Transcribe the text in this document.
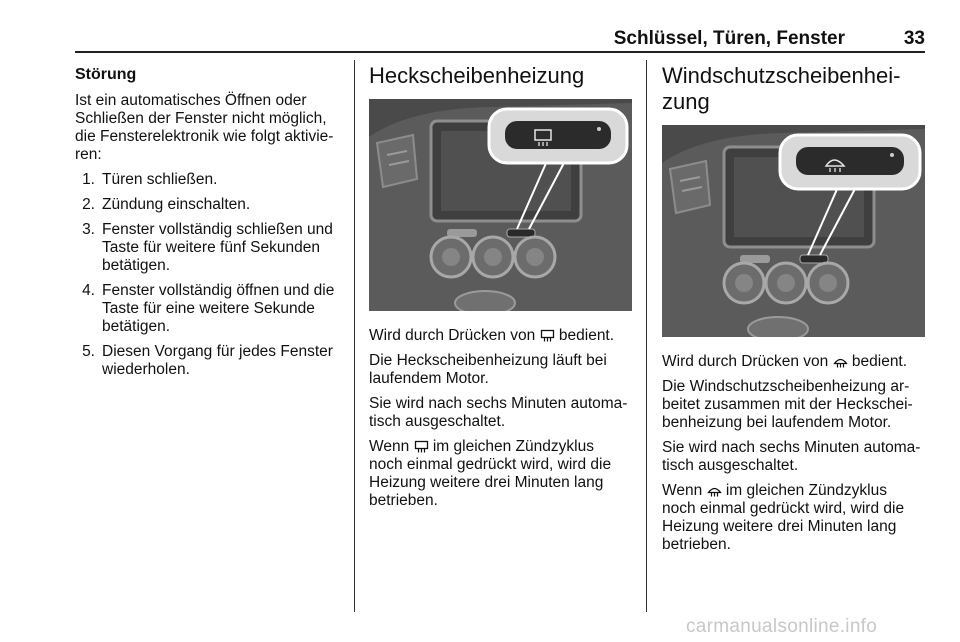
Schlüssel, Türen, Fenster	33
Störung

Ist ein automatisches Öffnen oder
Schließen der Fenster nicht möglich,
die Fensterelektronik wie folgt aktivie‐
ren:

1. Türen schließen.
2. Zündung einschalten.
3. Fenster vollständig schließen und
Taste für weitere fünf Sekunden
betätigen.
4. Fenster vollständig öffnen und die
Taste für eine weitere Sekunde
betätigen.
5. Diesen Vorgang für jedes Fenster
wiederholen.
Heckscheibenheizung

Wird durch Drücken von bedient.

Die Heckscheibenheizung läuft bei
laufendem Motor.

Sie wird nach sechs Minuten automa‐
tisch ausgeschaltet.

Wenn im gleichen Zündzyklus
noch einmal gedrückt wird, wird die
Heizung weitere drei Minuten lang
betrieben.

Windschutzscheibenhei‐
zung

Wird durch Drücken von bedient.

Die Windschutzscheibenheizung ar‐
beitet zusammen mit der Heckschei‐
benheizung bei laufendem Motor.

Sie wird nach sechs Minuten automa‐
tisch ausgeschaltet.

Wenn im gleichen Zündzyklus
noch einmal gedrückt wird, wird die
Heizung weitere drei Minuten lang
betrieben.

carmanualsonline.info
